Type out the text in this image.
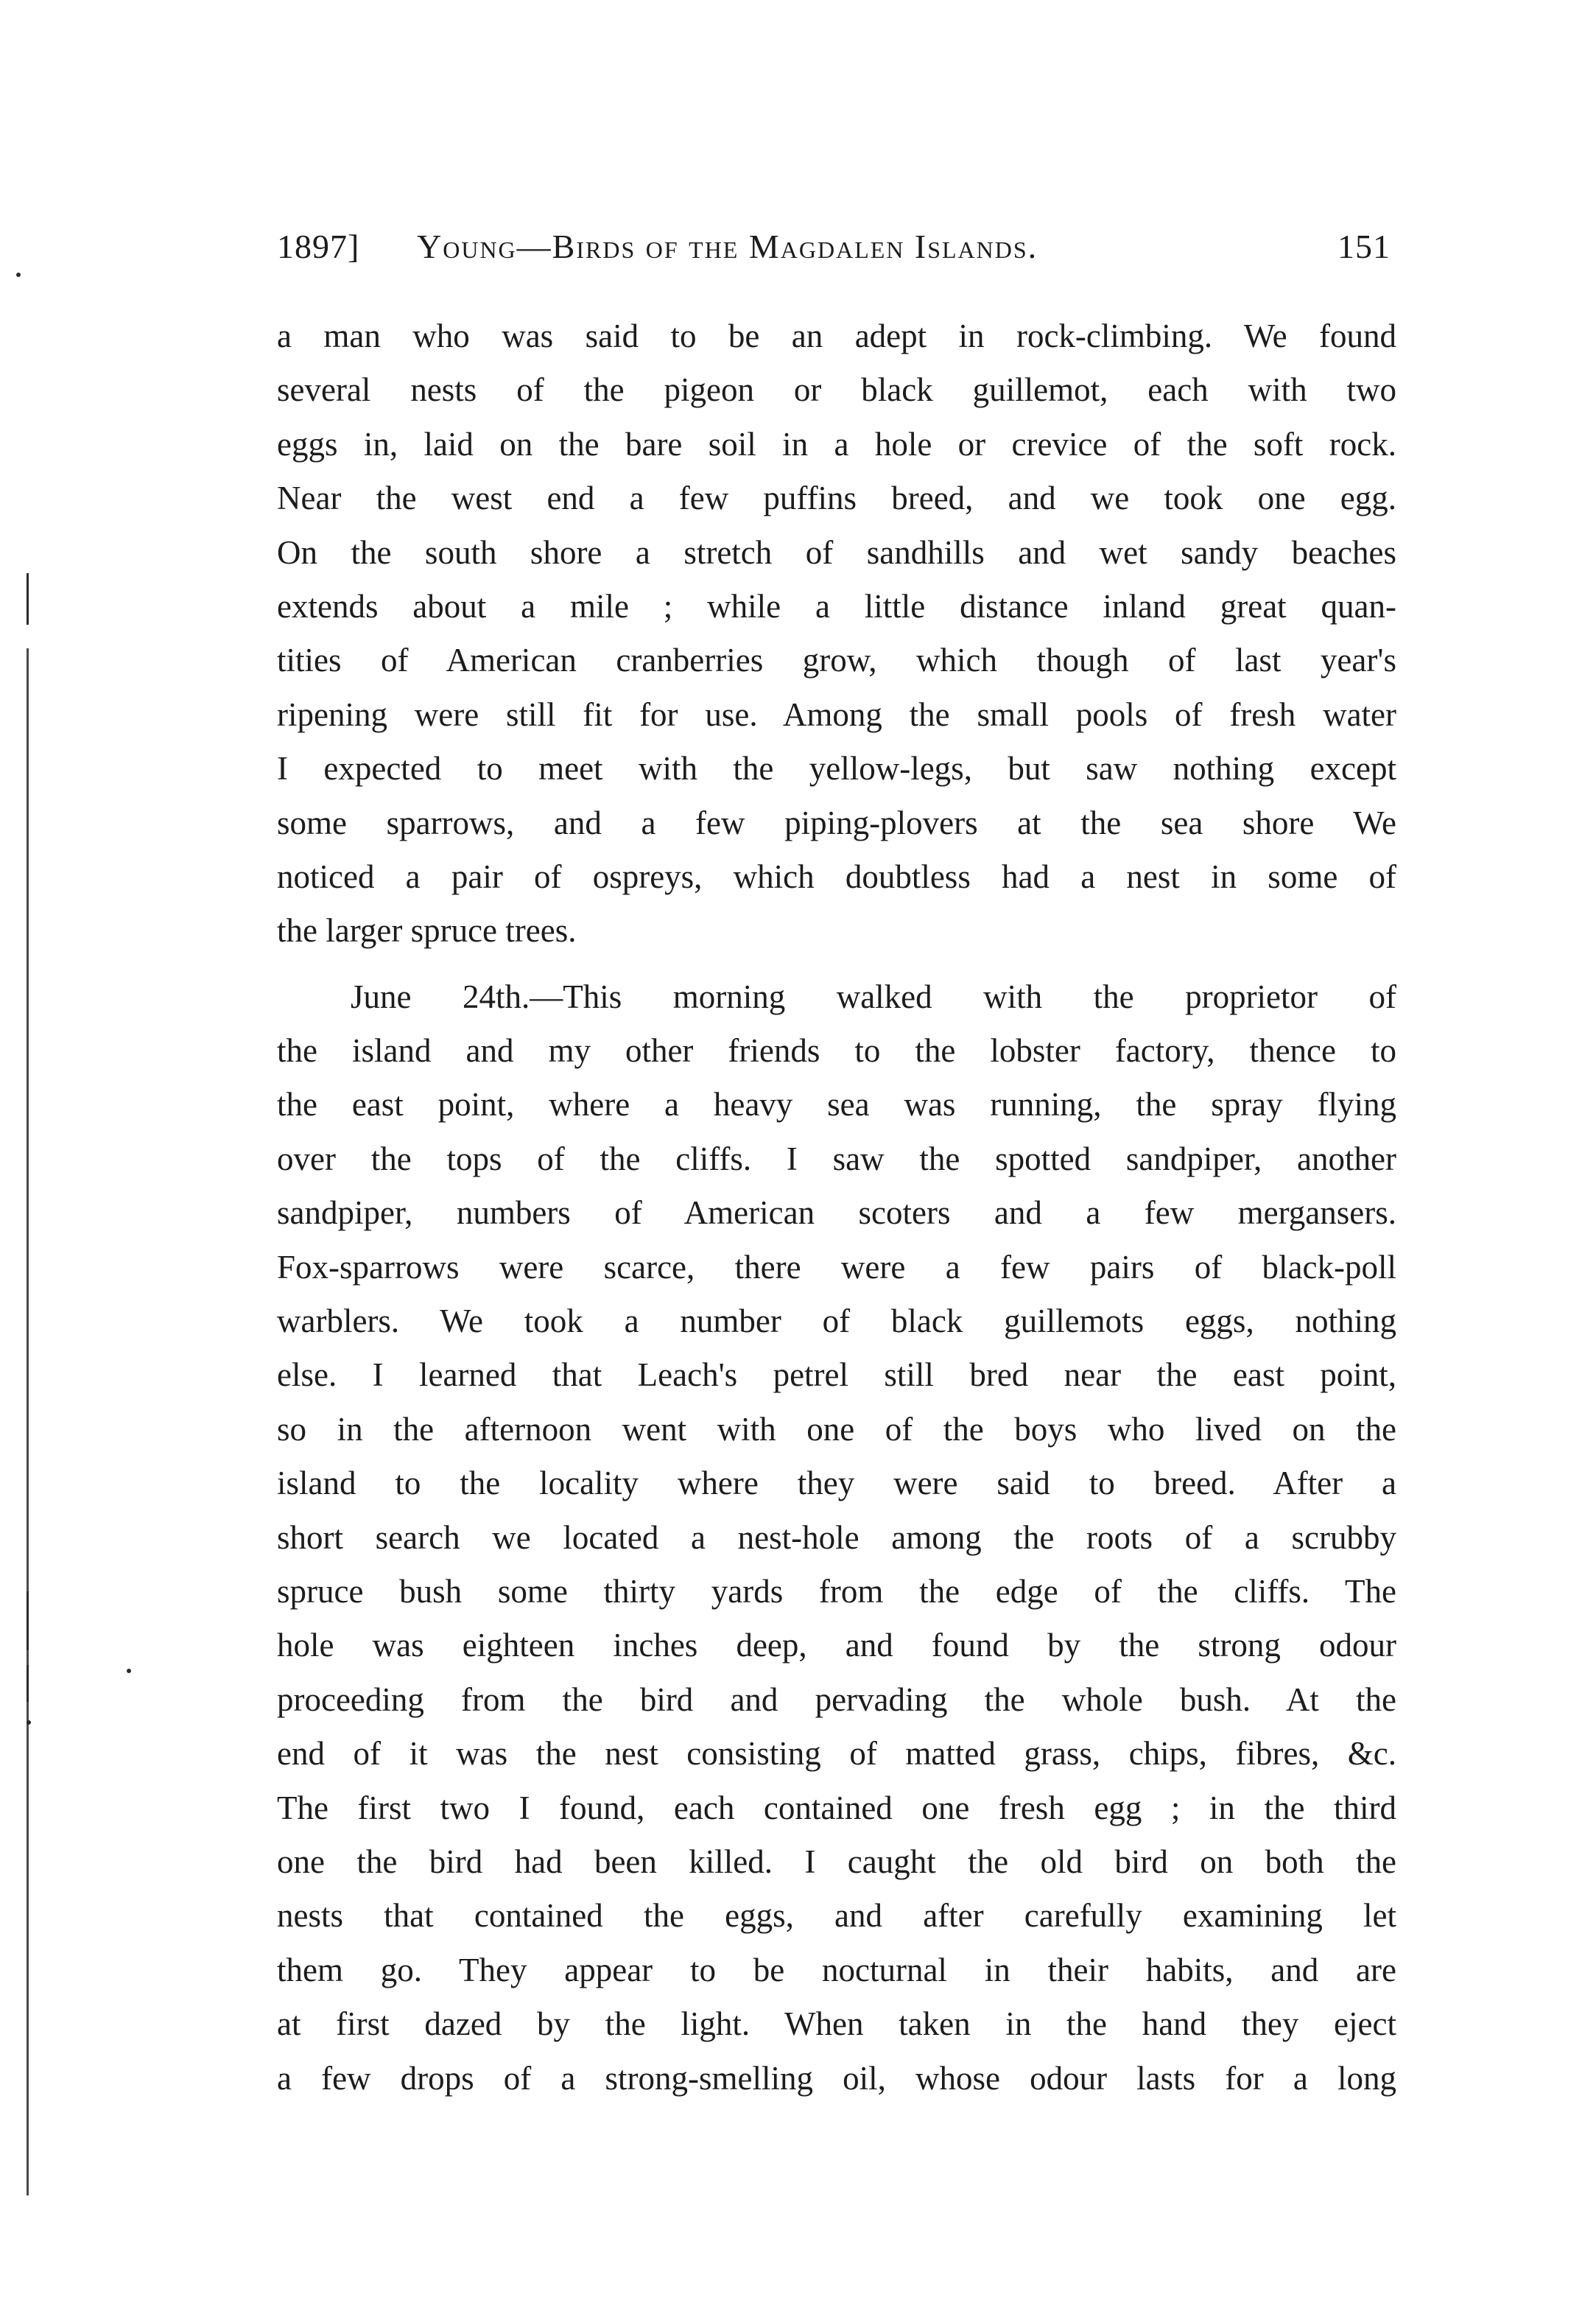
1897] Young—Birds of the Magdalen Islands.	151
a man who was said to be an adept in rock-climbing. We found
several nests of the pigeon or black guillemot, each with two
eggs in, laid on the bare soil in a hole or crevice of the soft rock.
Near the west end a few puffins breed, and we took one egg.
On the south shore a stretch of sandhills and wet sandy beaches
extends about a mile ; while a little distance inland great quan-
tities of American cranberries grow, which though of last year's
ripening were still fit for use. Among the small pools of fresh water
I expected to meet with the yellow-legs, but saw nothing except
some sparrows, and a few piping-plovers at the sea shore We
noticed a pair of ospreys, which doubtless had a nest in some of
the larger spruce trees.
June 24th.—This morning walked with the proprietor of
the island and my other friends to the lobster factory, thence to
the east point, where a heavy sea was running, the spray flying
over the tops of the cliffs. I saw the spotted sandpiper, another
sandpiper, numbers of American scoters and a few mergansers.
Fox-sparrows were scarce, there were a few pairs of black-poll
warblers. We took a number of black guillemots eggs, nothing
else. I learned that Leach's petrel still bred near the east point,
so in the afternoon went with one of the boys who lived on the
island to the locality where they were said to breed. After a
short search we located a nest-hole among the roots of a scrubby
spruce bush some thirty yards from the edge of the cliffs. The
hole was eighteen inches deep, and found by the strong odour
proceeding from the bird and pervading the whole bush. At the
end of it was the nest consisting of matted grass, chips, fibres, &c.
The first two I found, each contained one fresh egg ; in the third
one the bird had been killed. I caught the old bird on both the
nests that contained the eggs, and after carefully examining let
them go. They appear to be nocturnal in their habits, and are
at first dazed by the light. When taken in the hand they eject
a few drops of a strong-smelling oil, whose odour lasts for a long
